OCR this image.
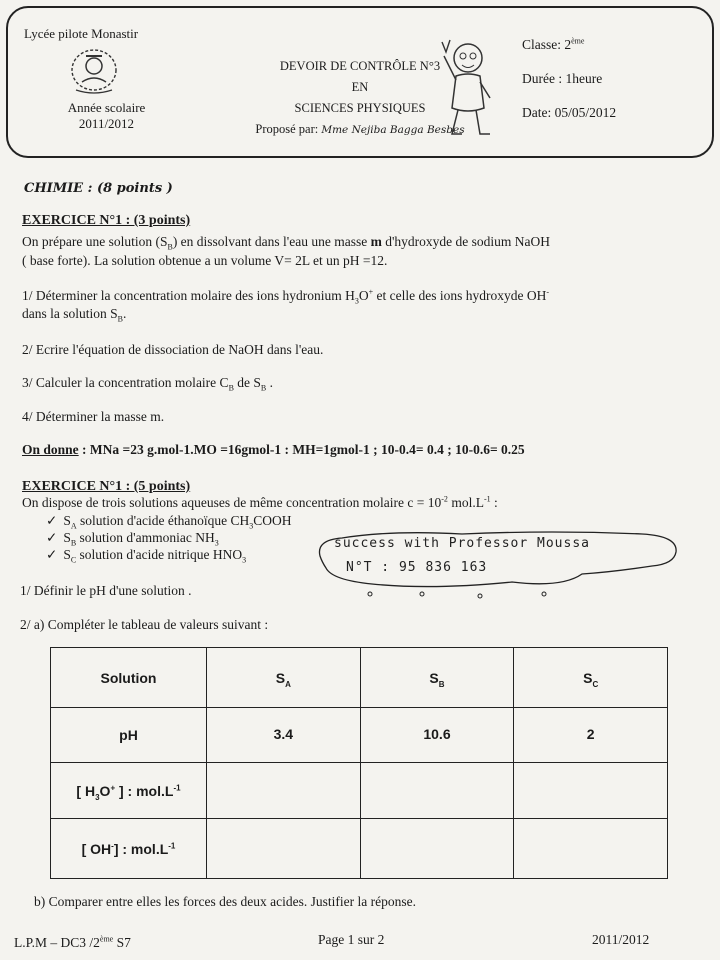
Lycée pilote Monastir
Année scolaire
2011/2012
DEVOIR DE CONTRÔLE N°3
EN
SCIENCES PHYSIQUES
Proposé par: Mme Nejiba Bagga Besbes
Classe: 2ème
Durée : 1heure
Date: 05/05/2012
CHIMIE : (8 points )
EXERCICE N°1 : (3 points)
On prépare une solution $(S_B)$ en dissolvant dans l'eau une masse m d'hydroxyde de sodium NaOH
( base forte). La solution obtenue a un volume V= 2L et un pH =12.
1/ Déterminer la concentration molaire des ions hydronium $H_3O^+$ et celle des ions hydroxyde OH-
dans la solution $S_B$.
2/ Ecrire l'équation de dissociation de NaOH dans l'eau.
3/ Calculer la concentration molaire $C_B$ de $S_B$ .
4/ Déterminer la masse m.
On donne : MNa =23 g.mol-1.MO =16gmol-1 : MH=1gmol-1 ; 10-0.4= 0.4 ; 10-0.6= 0.25
EXERCICE N°1 : (5 points)
On dispose de trois solutions aqueuses de même concentration molaire $c = 10^{-2}$ $mol.L^{-1}$ :
✓ $S_A$ solution d'acide éthanoïque $CH_3COOH$
✓ $S_B$ solution d'ammoniac $NH_3$
✓ $S_C$ solution d'acide nitrique $HNO_3$
success with Professor Moussa
N°T : 95 836 163
1/ Définir le pH d'une solution .
2/ a) Compléter le tableau de valeurs suivant :
Solution	$S_A$	$S_B$	$S_C$
pH	3.4	10.6	2
[ $H_3O^+$ ] : $mol.L^{-1}$			
[ OH-] : $mol.L^{-1}$			
b) Comparer entre elles les forces des deux acides. Justifier la réponse.
L.P.M – DC3 /2ème S7	Page 1 sur 2	2011/2012
